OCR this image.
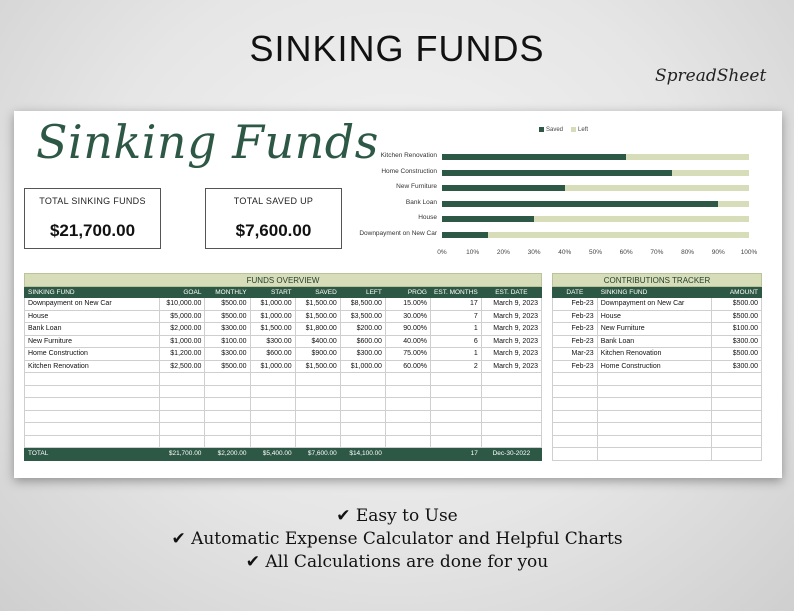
SINKING FUNDS
SpreadSheet
Sinking Funds
TOTAL SINKING FUNDS
$21,700.00
TOTAL SAVED UP
$7,600.00
Saved	Left
Kitchen Renovation
Home Construction
New Furniture
Bank Loan
House
Downpayment on New Car
0%	10%	20%	30%	40%	50%	60%	70%	80%	90%	100%
FUNDS OVERVIEW								
SINKING FUND	GOAL	MONTHLY	START	SAVED	LEFT	PROG	EST. MONTHS	EST. DATE
Downpayment on New Car	$10,000.00	$500.00	$1,000.00	$1,500.00	$8,500.00	15.00%	17	March 9, 2023
House	$5,000.00	$500.00	$1,000.00	$1,500.00	$3,500.00	30.00%	7	March 9, 2023
Bank Loan	$2,000.00	$300.00	$1,500.00	$1,800.00	$200.00	90.00%	1	March 9, 2023
New Furniture	$1,000.00	$100.00	$300.00	$400.00	$600.00	40.00%	6	March 9, 2023
Home Construction	$1,200.00	$300.00	$600.00	$900.00	$300.00	75.00%	1	March 9, 2023
Kitchen Renovation	$2,500.00	$500.00	$1,000.00	$1,500.00	$1,000.00	60.00%	2	March 9, 2023

TOTAL	$21,700.00	$2,200.00	$5,400.00	$7,600.00	$14,100.00		17	Dec-30-2022
CONTRIBUTIONS TRACKER		
DATE	SINKING FUND	AMOUNT
Feb-23	Downpayment on New Car	$500.00
Feb-23	House	$500.00
Feb-23	New Furniture	$100.00
Feb-23	Bank Loan	$300.00
Mar-23	Kitchen Renovation	$500.00
Feb-23	Home Construction	$300.00

✔ Easy to Use
✔ Automatic Expense Calculator and Helpful Charts
✔ All Calculations are done for you
